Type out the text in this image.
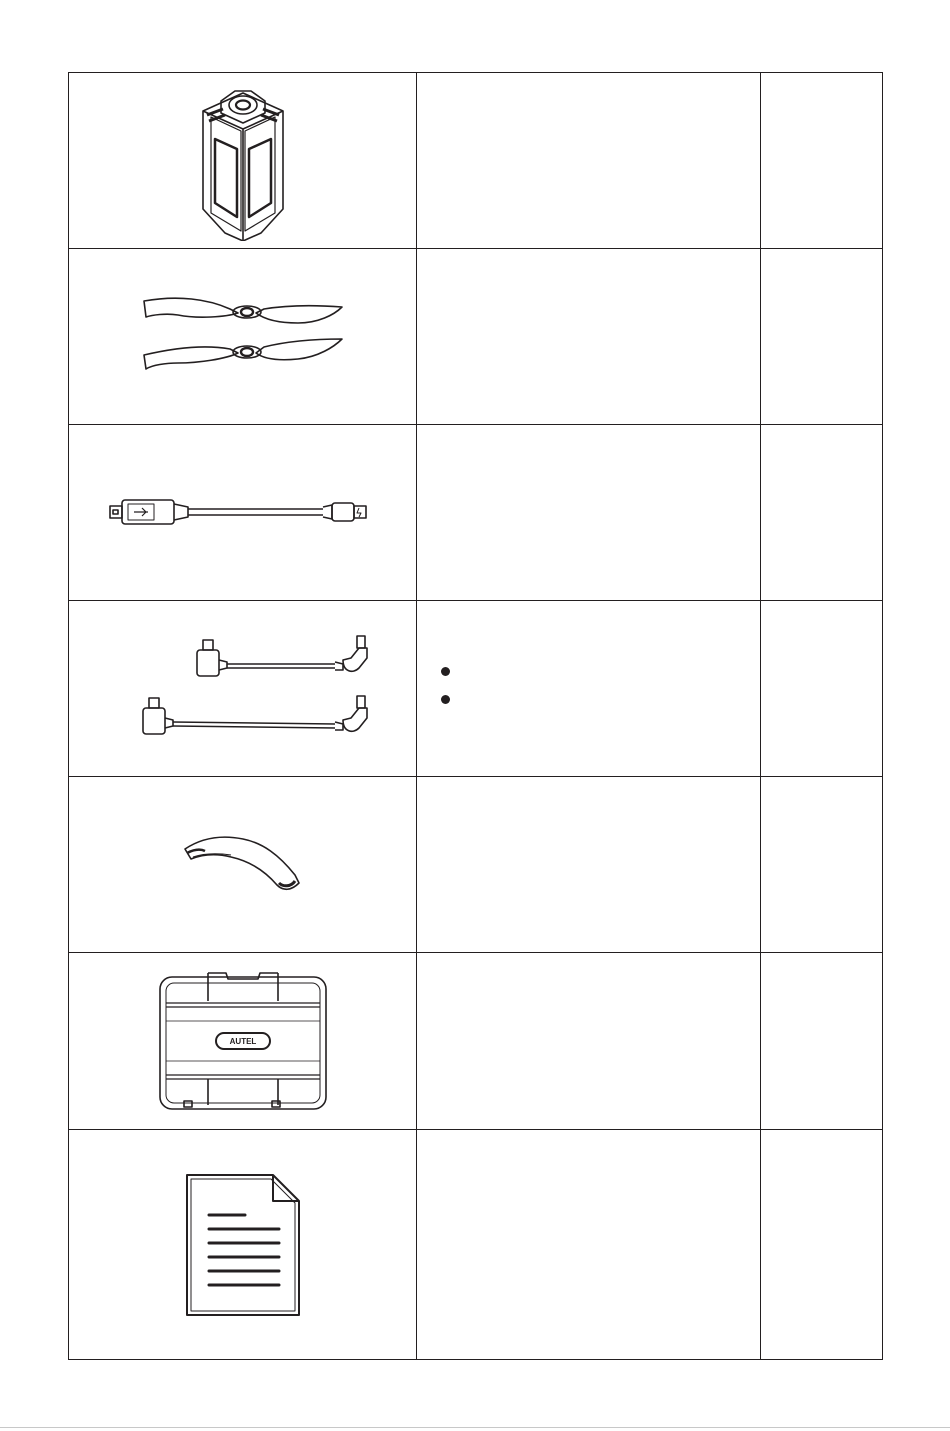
AUTEL		
